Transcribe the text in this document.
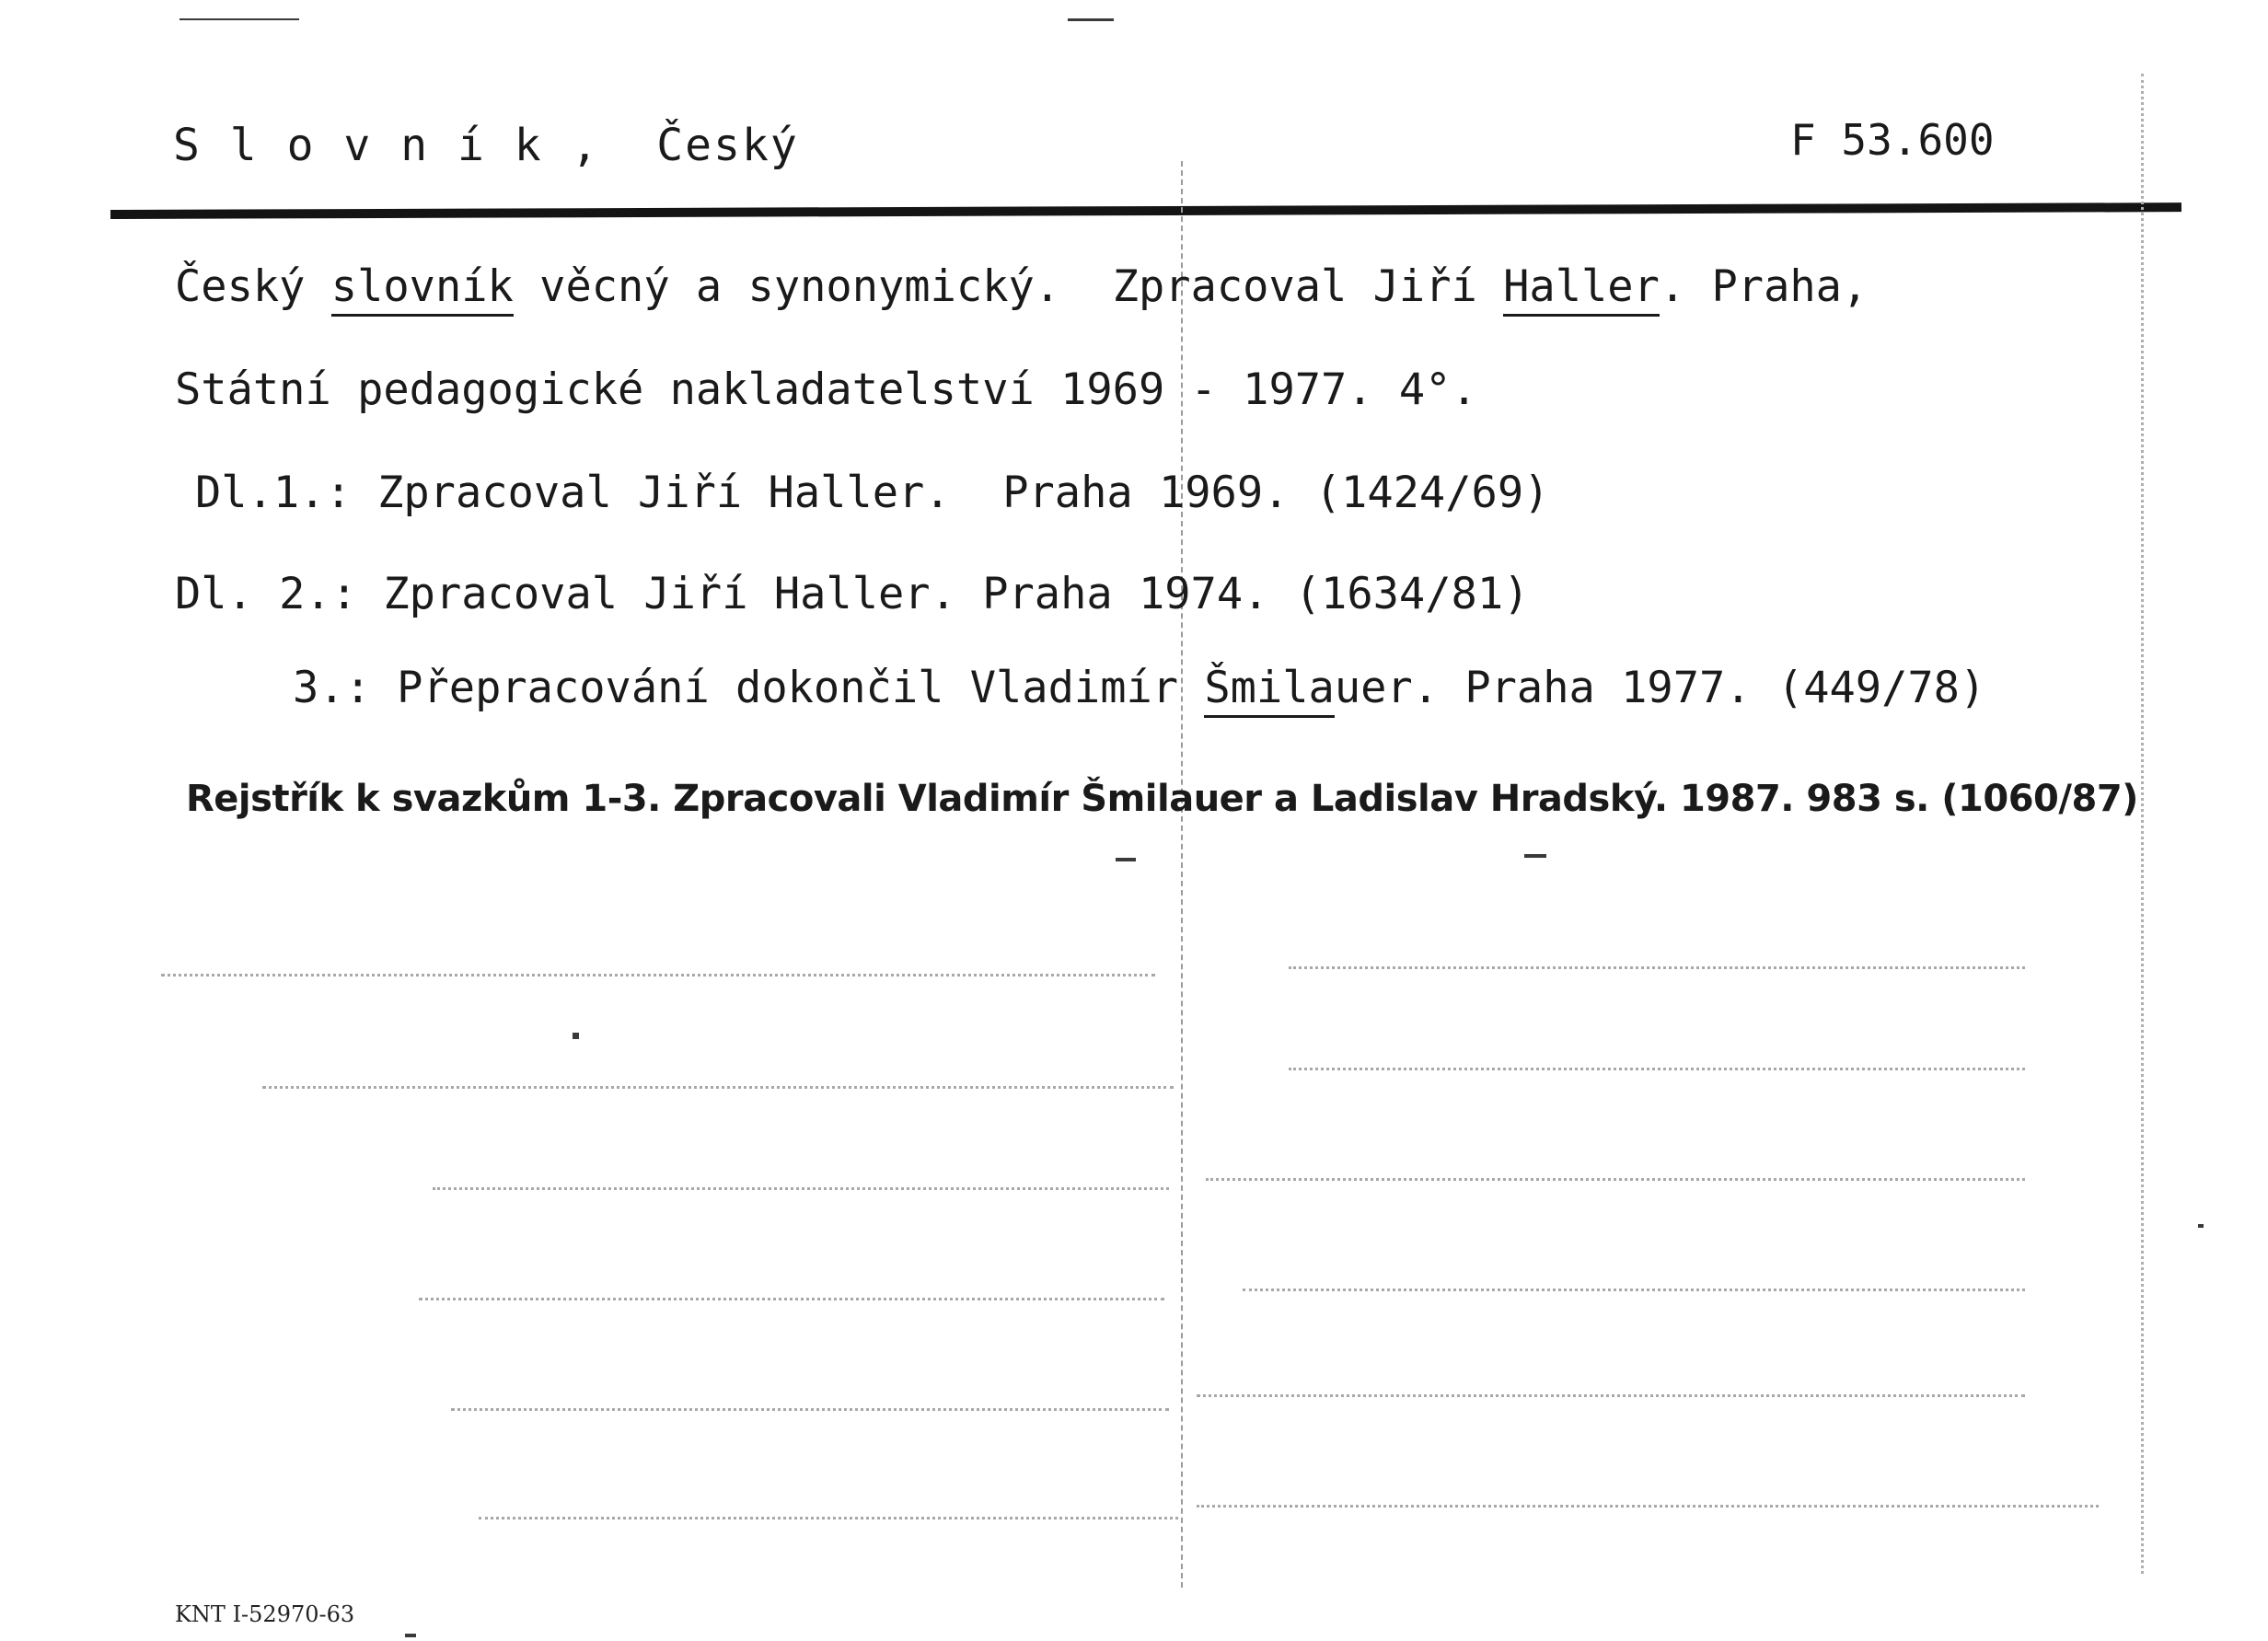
S l o v n í k ,  Český	F 53.600
Český slovník věcný a synonymický.  Zpracoval Jiří Haller. Praha,
Státní pedagogické nakladatelství 1969 - 1977. 4°.
Dl.1.: Zpracoval Jiří Haller.  Praha 1969. (1424/69)
Dl. 2.: Zpracoval Jiří Haller. Praha 1974. (1634/81)
3.: Přepracování dokončil Vladimír Šmilauer. Praha 1977. (449/78)
Rejstřík k svazkům 1-3. Zpracovali Vladimír Šmilauer a Ladislav Hradský. 1987. 983 s. (1060/87)
KNT I-52970-63
